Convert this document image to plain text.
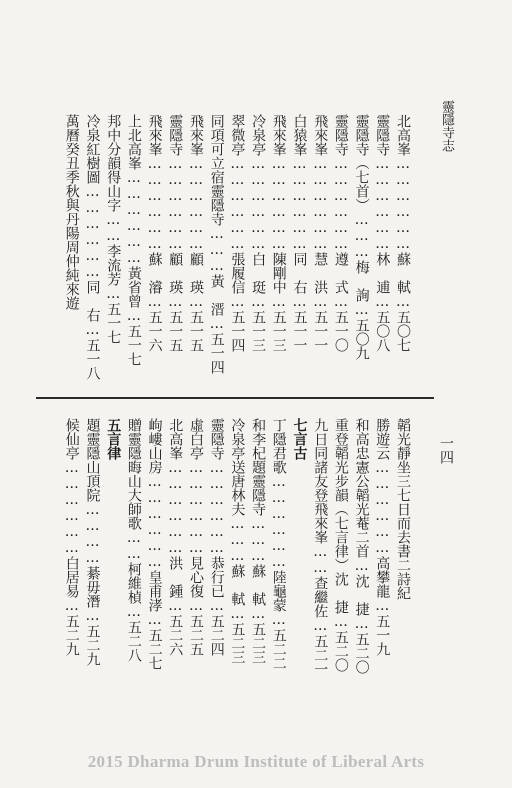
靈隱寺志
一四
北高峯………………蘇　軾…五〇七
靈隱寺………………林　逋…五〇八
靈隱寺（七首）………梅　詢…五〇九
靈隱寺………………遵　式…五一〇
飛來峯………………慧　洪…五一一
白猿峯………………同　右…五一一
飛來峯………………陳剛中…五一三
冷泉亭………………白　珽…五一三
翠微亭………………張履信…五一四
同項可立宿靈隱寺………黃　溍…五一四
飛來峯………………顧　瑛…五一五
靈隱寺………………顧　瑛…五一五
飛來峯………………蘇　濬…五一六
上北高峯………………黃省曾…五一七
邦中分韻得山字……李流芳…五一七
冷泉紅樹圖………………同　右…五一八
萬曆癸丑季秋與丹陽周仲純來遊
韜光靜坐三七日而去書二詩紀
勝遊云………………高攀龍…五一九
和高忠憲公韜光菴二首…沈　捷…五二〇
重登韜光步韻（七言律）沈　捷…五二〇
九日同諸友登飛來峯……查繼佐…五二一
七言古
丁隱君歌………………陸龜蒙…五二二
和李杞題靈隱寺………蘇　軾…五二三
冷泉亭送唐林夫………蘇　軾…五二三
靈隱寺………………恭行已…五二四
虛白亭………………見心復…五二五
北高峯………………洪　鍾…五二六
岣嶁山房………………皇甫涍…五二七
贈靈隱晦山大師歌……柯維楨…五二八
五言律
題靈隱山頂院…………綦毋潛…五二九
候仙亭………………白居易…五二九
2015 Dharma Drum Institute of Liberal Arts
